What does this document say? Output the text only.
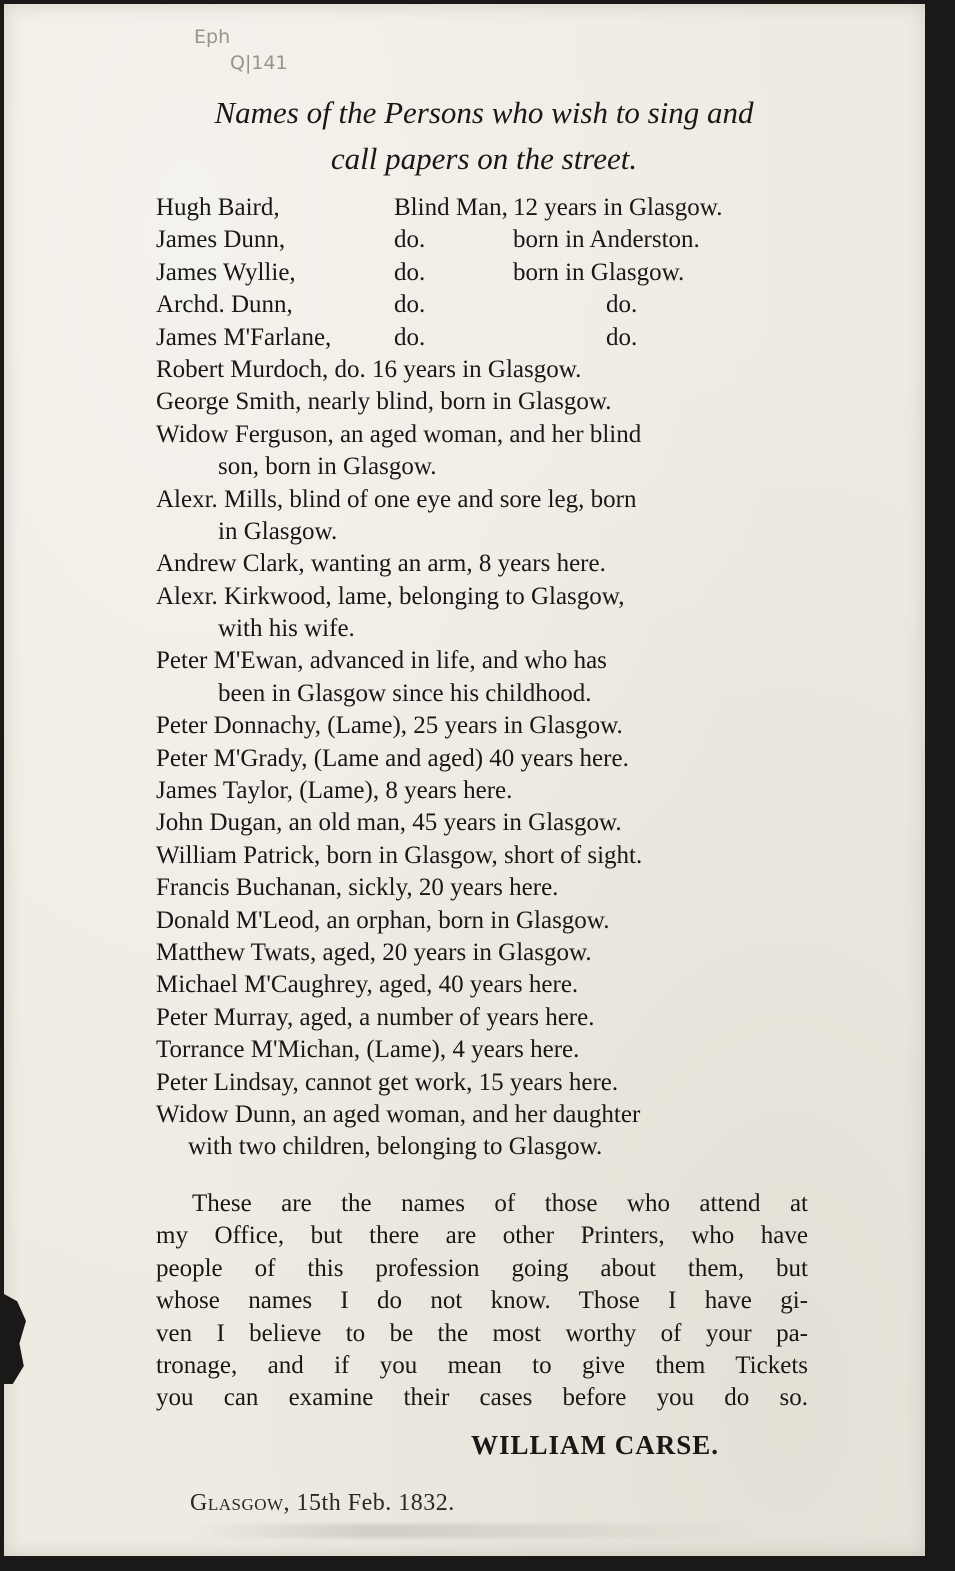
Eph
Q|141
Names of the Persons who wish to sing and
call papers on the street.
Hugh Baird,	Blind Man, 12 years in Glasgow.
James Dunn,	do.	born in Anderston.
James Wyllie,	do.	born in Glasgow.
Archd. Dunn,	do.	do.
James M'Farlane,	do.	do.
Robert Murdoch, do. 16 years in Glasgow.
George Smith, nearly blind, born in Glasgow.
Widow Ferguson, an aged woman, and her blind
son, born in Glasgow.
Alexr. Mills, blind of one eye and sore leg, born
in Glasgow.
Andrew Clark, wanting an arm, 8 years here.
Alexr. Kirkwood, lame, belonging to Glasgow,
with his wife.
Peter M'Ewan, advanced in life, and who has
been in Glasgow since his childhood.
Peter Donnachy, (Lame), 25 years in Glasgow.
Peter M'Grady, (Lame and aged) 40 years here.
James Taylor, (Lame), 8 years here.
John Dugan, an old man, 45 years in Glasgow.
William Patrick, born in Glasgow, short of sight.
Francis Buchanan, sickly, 20 years here.
Donald M'Leod, an orphan, born in Glasgow.
Matthew Twats, aged, 20 years in Glasgow.
Michael M'Caughrey, aged, 40 years here.
Peter Murray, aged, a number of years here.
Torrance M'Michan, (Lame), 4 years here.
Peter Lindsay, cannot get work, 15 years here.
Widow Dunn, an aged woman, and her daughter
with two children, belonging to Glasgow.
These are the names of those who attend at
my Office, but there are other Printers, who have
people of this profession going about them, but
whose names I do not know. Those I have gi-
ven I believe to be the most worthy of your pa-
tronage, and if you mean to give them Tickets
you can examine their cases before you do so.
WILLIAM CARSE.
Glasgow, 15th Feb. 1832.
